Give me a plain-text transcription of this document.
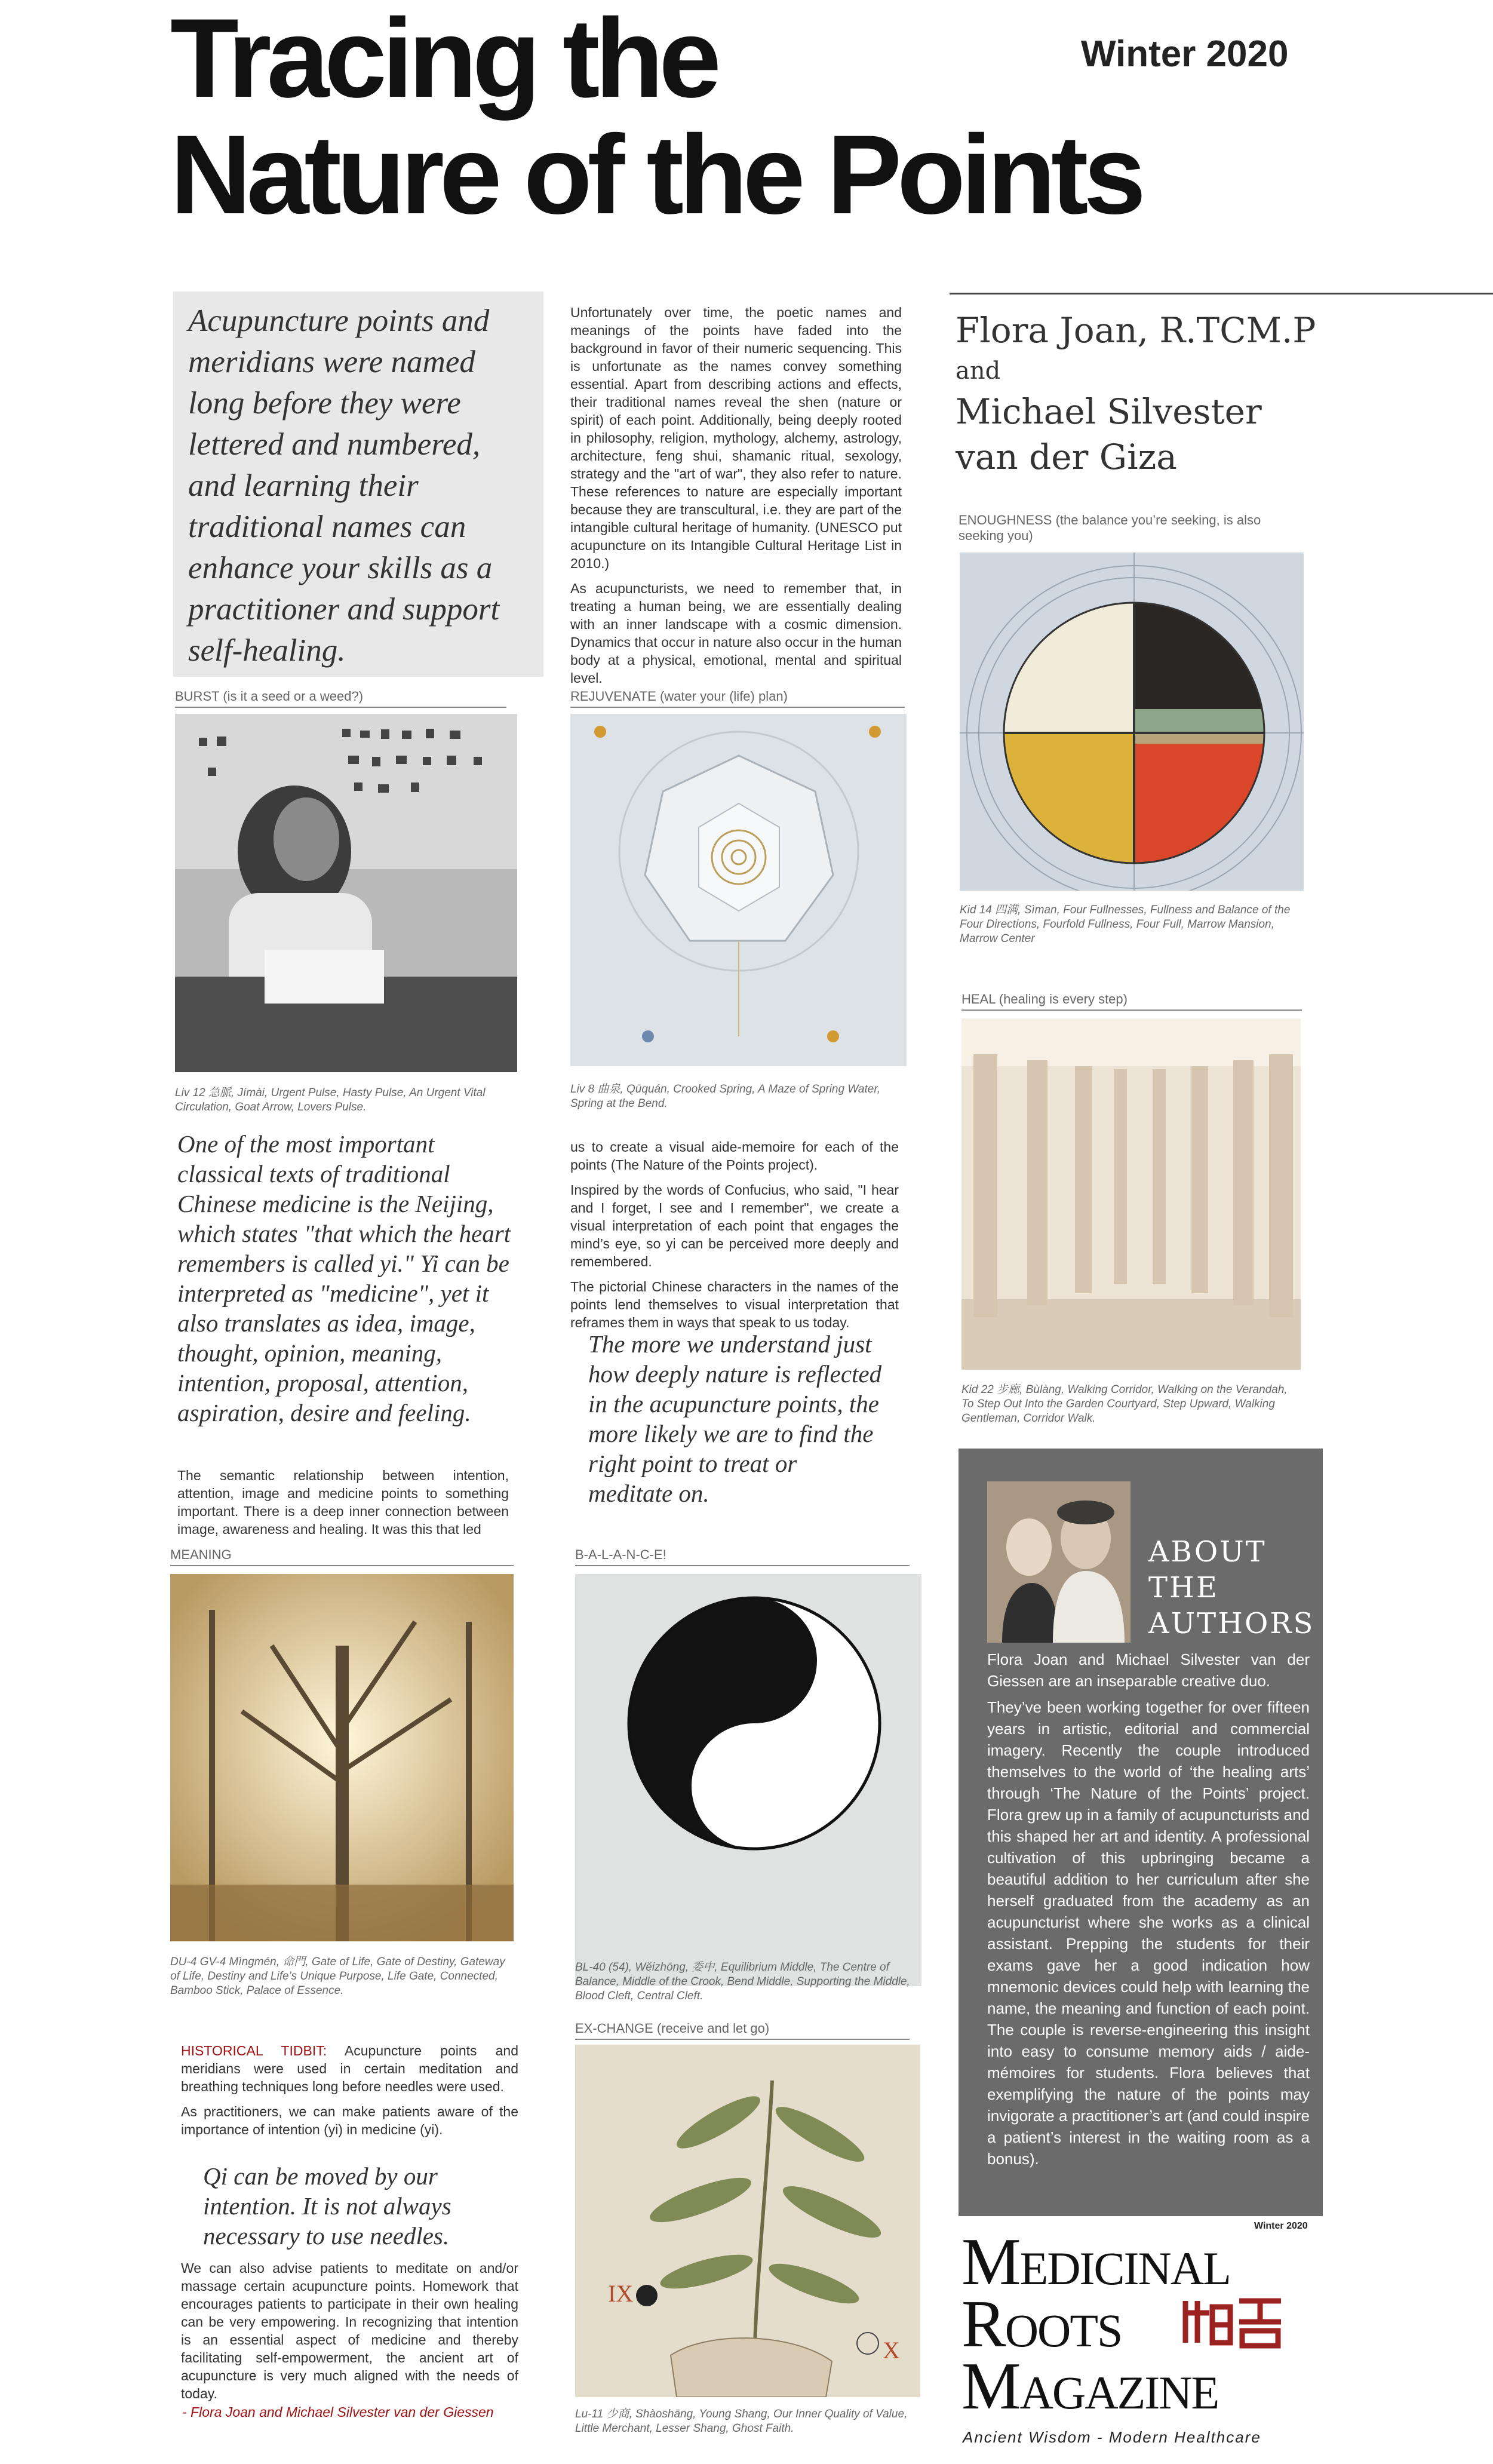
Tracing the
Nature of the Points
Winter 2020

Acupuncture points and meridians were named long before they were lettered and numbered, and learning their traditional names can enhance your skills as a practitioner and support self-healing.

Unfortunately over time, the poetic names and meanings of the points have faded into the background in favor of their numeric sequencing. This is unfortunate as the names convey something essential. Apart from describing actions and effects, their traditional names reveal the shen (nature or spirit) of each point. Additionally, being deeply rooted in philosophy, religion, mythology, alchemy, astrology, architecture, feng shui, shamanic ritual, sexology, strategy and the "art of war", they also refer to nature. These references to nature are especially important because they are transcultural, i.e. they are part of the intangible cultural heritage of humanity. (UNESCO put acupuncture on its Intangible Cultural Heritage List in 2010.)

As acupuncturists, we need to remember that, in treating a human being, we are essentially dealing with an inner landscape with a cosmic dimension. Dynamics that occur in nature also occur in the human body at a physical, emotional, mental and spiritual level.

Flora Joan, R.TCM.P
and
Michael Silvester
van der Giza
ENOUGHNESS (the balance you’re seeking, is also seeking you)
Kid 14 四满, Sìman, Four Fullnesses, Fullness and Balance of the Four Directions, Fourfold Fullness, Four Full, Marrow Mansion, Marrow Center
BURST (is it a seed or a weed?)
Liv 12 急脈, Jímài, Urgent Pulse, Hasty Pulse, An Urgent Vital Circulation, Goat Arrow, Lovers Pulse.
REJUVENATE (water your (life) plan)
Liv 8 曲泉, Qūquán, Crooked Spring, A Maze of Spring Water, Spring at the Bend.
HEAL (healing is every step)
Kid 22 步廊, Bùlàng, Walking Corridor, Walking on the Verandah, To Step Out Into the Garden Courtyard, Step Upward, Walking Gentleman, Corridor Walk.
One of the most important classical texts of traditional Chinese medicine is the Neijing, which states "that which the heart remembers is called yi." Yi can be interpreted as "medicine", yet it also translates as idea, image, thought, opinion, meaning, intention, proposal, attention, aspiration, desire and feeling.
The semantic relationship between intention, attention, image and medicine points to something important. There is a deep inner connection between image, awareness and healing. It was this that led

us to create a visual aide-memoire for each of the points (The Nature of the Points project).

Inspired by the words of Confucius, who said, "I hear and I forget, I see and I remember", we create a visual interpretation of each point that engages the mind’s eye, so yi can be perceived more deeply and remembered.

The pictorial Chinese characters in the names of the points lend themselves to visual interpretation that reframes them in ways that speak to us today.

The more we understand just how deeply nature is reflected in the acupuncture points, the more likely we are to find the right point to treat or meditate on.
MEANING
DU-4 GV-4 Mìngmén, 命門, Gate of Life, Gate of Destiny, Gateway of Life, Destiny and Life’s Unique Purpose, Life Gate, Connected, Bamboo Stick, Palace of Essence.
B-A-L-A-N-C-E!
BL-40 (54), Wěizhōng, 委中, Equilibrium Middle, The Centre of Balance, Middle of the Crook, Bend Middle, Supporting the Middle, Blood Cleft, Central Cleft.
EX-CHANGE (receive and let go)
IX
X
Lu-11 少商, Shàoshāng, Young Shang, Our Inner Quality of Value, Little Merchant, Lesser Shang, Ghost Faith.

HISTORICAL TIDBIT: Acupuncture points and meridians were used in certain meditation and breathing techniques long before needles were used.

As practitioners, we can make patients aware of the importance of intention (yi) in medicine (yi).

Qi can be moved by our intention. It is not always necessary to use needles.

We can also advise patients to meditate on and/or massage certain acupuncture points. Homework that encourages patients to participate in their own healing can be very empowering. In recognizing that intention is an essential aspect of medicine and thereby facilitating self-empowerment, the ancient art of acupuncture is very much aligned with the needs of today.

- Flora Joan and Michael Silvester van der Giessen
ABOUT
THE
AUTHORS

Flora Joan and Michael Silvester van der Giessen are an inseparable creative duo.

They’ve been working together for over fifteen years in artistic, editorial and commercial imagery. Recently the couple introduced themselves to the world of ‘the healing arts’ through ‘The Nature of the Points’ project. Flora grew up in a family of acupuncturists and this shaped her art and identity. A professional cultivation of this upbringing became a beautiful addition to her curriculum after she herself graduated from the academy as an acupuncturist where she works as a clinical assistant. Prepping the students for their exams gave her a good indication how mnemonic devices could help with learning the name, the meaning and function of each point. The couple is reverse-engineering this insight into easy to consume memory aids / aide-mémoires for students. Flora believes that exemplifying the nature of the points may invigorate a practitioner’s art (and could inspire a patient’s interest in the waiting room as a bonus).

Winter 2020
Medicinal
Roots
Magazine
Ancient Wisdom - Modern Healthcare
